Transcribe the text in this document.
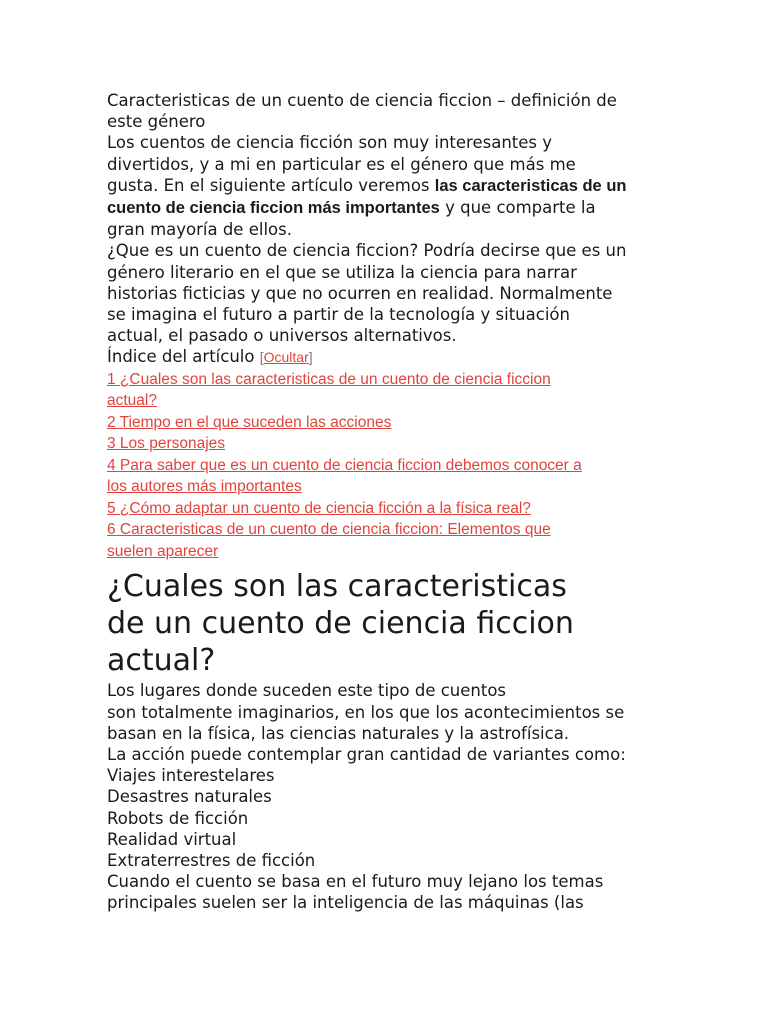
Caracteristicas de un cuento de ciencia ficcion – definición de
este género

Los cuentos de ciencia ficción son muy interesantes y
divertidos, y a mi en particular es el género que más me
gusta. En el siguiente artículo veremos las caracteristicas de un
cuento de ciencia ficcion más importantes y que comparte la
gran mayoría de ellos.

¿Que es un cuento de ciencia ficcion? Podría decirse que es un
género literario en el que se utiliza la ciencia para narrar
historias ficticias y que no ocurren en realidad. Normalmente
se imagina el futuro a partir de la tecnología y situación
actual, el pasado o universos alternativos.

Índice del artículo [Ocultar]
1 ¿Cuales son las caracteristicas de un cuento de ciencia ficcion
actual?
2 Tiempo en el que suceden las acciones
3 Los personajes
4 Para saber que es un cuento de ciencia ficcion debemos conocer a
los autores más importantes
5 ¿Cómo adaptar un cuento de ciencia ficción a la física real?
6 Caracteristicas de un cuento de ciencia ficcion: Elementos que
suelen aparecer
¿Cuales son las caracteristicas
de un cuento de ciencia ficcion
actual?
Los lugares donde suceden este tipo de cuentos
son totalmente imaginarios, en los que los acontecimientos se
basan en la física, las ciencias naturales y la astrofísica.
La acción puede contemplar gran cantidad de variantes como:
Viajes interestelares
Desastres naturales
Robots de ficción
Realidad virtual
Extraterrestres de ficción
Cuando el cuento se basa en el futuro muy lejano los temas
principales suelen ser la inteligencia de las máquinas (las
